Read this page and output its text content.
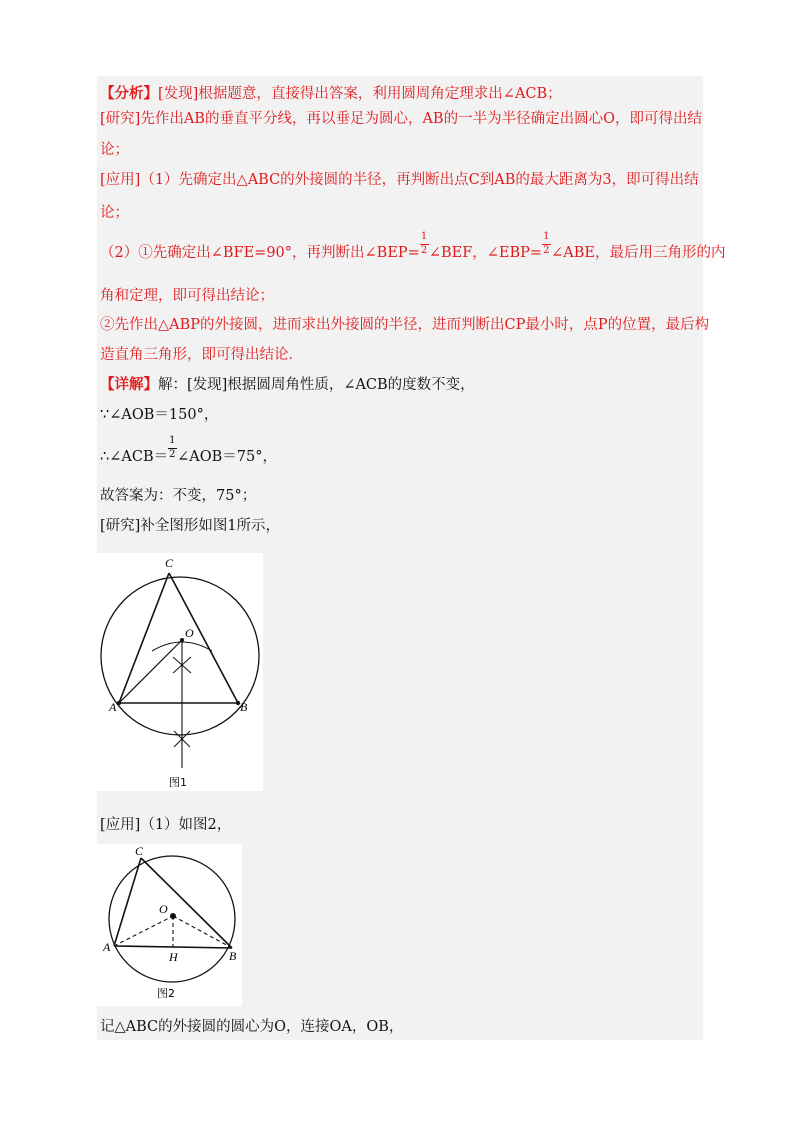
【分析】[发现]根据题意，直接得出答案，利用圆周角定理求出∠ACB；
[研究]先作出AB的垂直平分线，再以垂足为圆心，AB的一半为半径确定出圆心O，即可得出结
论；
[应用]（1）先确定出△ABC的外接圆的半径，再判断出点C到AB的最大距离为3，即可得出结
论；
（2）①先确定出∠BFE=90°，再判断出∠BEP= $\frac{1}{2}$ ∠BEF，∠EBP= $\frac{1}{2}$ ∠ABE，最后用三角形的内
角和定理，即可得出结论；
②先作出△ABP的外接圆，进而求出外接圆的半径，进而判断出CP最小时，点P的位置，最后构
造直角三角形，即可得出结论．
【详解】解：[发现]根据圆周角性质，∠ACB的度数不变，
∵∠AOB＝150°，
∴∠ACB＝ $\frac{1}{2}$ ∠AOB＝75°，
故答案为：不变，75°；
[研究]补全图形如图1所示，
C
O
A	B
图1
[应用]（1）如图2，
C
O
A
B
H
图2
记△ABC的外接圆的圆心为O，连接OA，OB，
